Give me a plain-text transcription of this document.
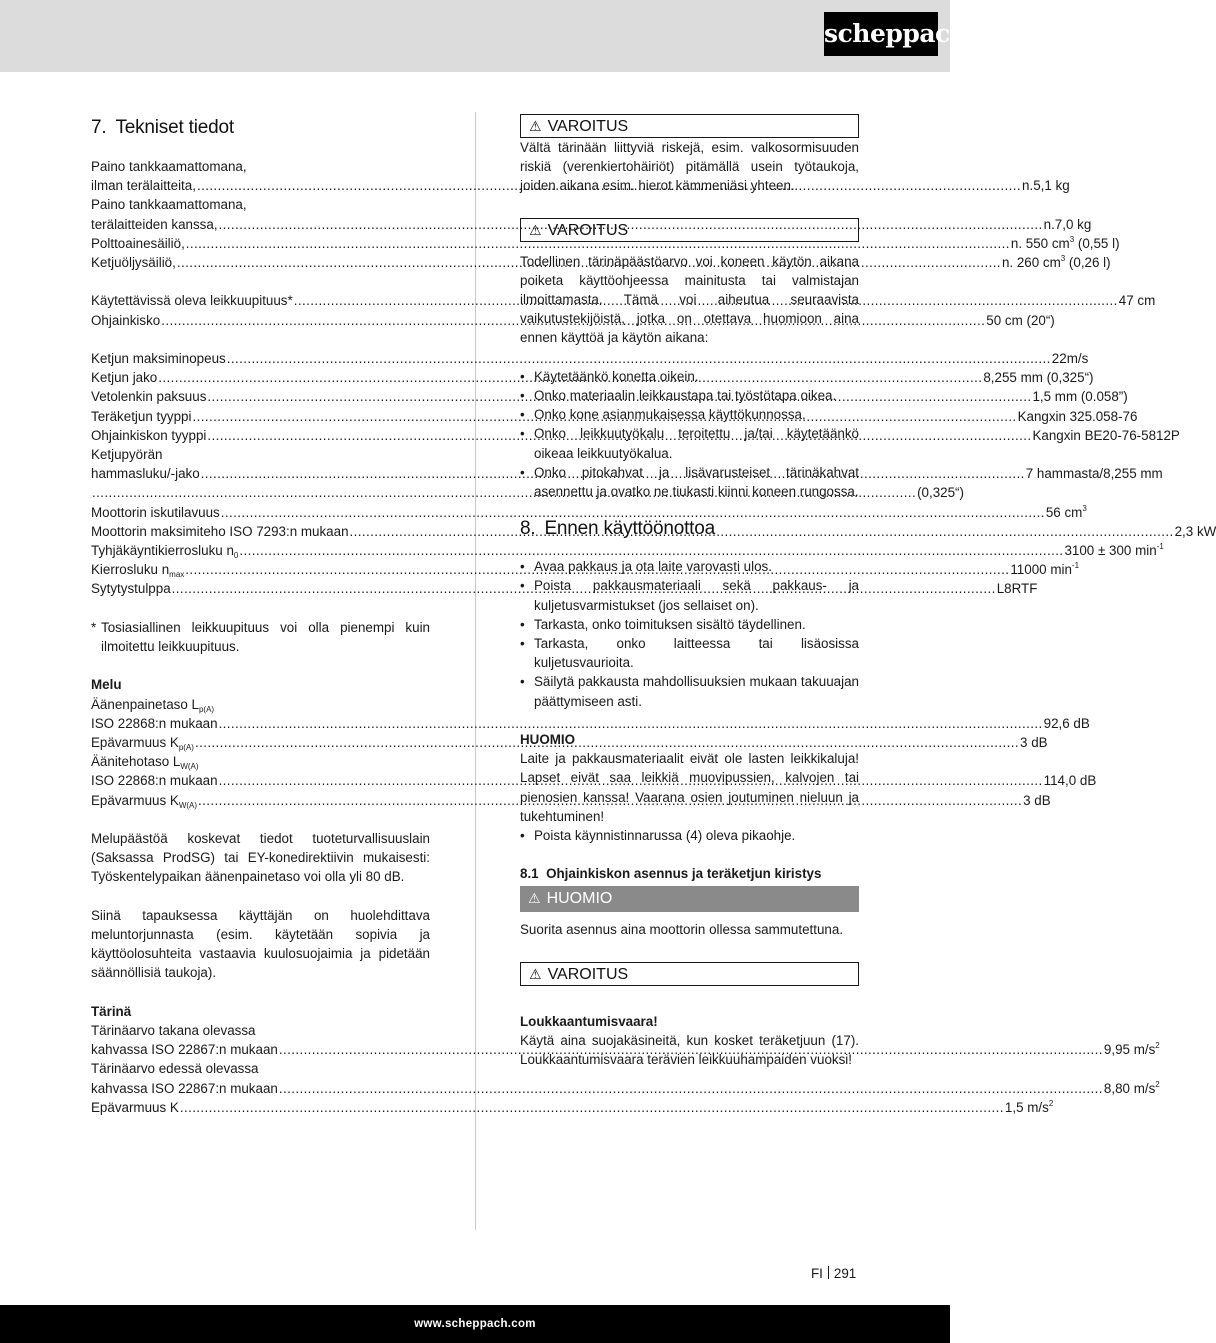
scheppach
7. Tekniset tiedot
Paino tankkaamattomana,
ilman terälaitteita, .....	n.5,1 kg
Paino tankkaamattomana,
terälaitteiden kanssa, .....	n.7,0 kg
Polttoainesäiliö, .....	n. 550 $cm^3$ (0,55 l)
Ketjuöljysäiliö, .....	n. 260 $cm^3$ (0,26 l)
Käytettävissä oleva leikkuupituus* .....	47 cm
Ohjainkisko .....	50 cm (20“)
Ketjun maksiminopeus .....	22m/s
Ketjun jako .....	8,255 mm (0,325“)
Vetolenkin paksuus .....	1,5 mm (0.058”)
Teräketjun tyyppi .....	Kangxin 325.058-76
Ohjainkiskon tyyppi .....	Kangxin BE20-76-5812P
Ketjupyörän
hammasluku/-jako .....	7 hammasta/8,255 mm
.....
(0,325“)
Moottorin iskutilavuus .....	56 $cm^3$
Moottorin maksimiteho ISO 7293:n mukaan .....	2,3 kW
Tyhjäkäyntikierrosluku $n_0$ .....	3100 ± 300 $\min^{-1}$
Kierrosluku $n_{max}$ .....	11000 $\min^{-1}$
Sytytystulppa .....	L8RTF
* Tosiasiallinen leikkuupituus voi olla pienempi kuin ilmoitettu leikkuupituus.
Melu
Äänenpainetaso $L_{p(A)}$
ISO 22868:n mukaan .....	92,6 dB
Epävarmuus $K_{p(A)}$ .....	3 dB
Äänitehotaso $L_{W(A)}$
ISO 22868:n mukaan .....	114,0 dB
Epävarmuus $K_{W(A)}$ .....	3 dB
Melupäästöä koskevat tiedot tuoteturvallisuuslain (Saksassa ProdSG) tai EY-konedirektiivin mukaisesti: Työskentelypaikan äänenpainetaso voi olla yli 80 dB.
Siinä tapauksessa käyttäjän on huolehdittava meluntorjunnasta (esim. käytetään sopivia ja käyttöolosuhteita vastaavia kuulosuojaimia ja pidetään säännöllisiä taukoja).
Tärinä
Tärinäarvo takana olevassa
kahvassa ISO 22867:n mukaan .....	9,95 $m/s^2$
Tärinäarvo edessä olevassa
kahvassa ISO 22867:n mukaan .....	8,80 $m/s^2$
Epävarmuus K .....	1,5 $m/s^2$
⚠ VAROITUS
Vältä tärinään liittyviä riskejä, esim. valkosormisuuden riskiä (verenkiertohäiriöt) pitämällä usein työtaukoja, joiden aikana esim. hierot kämmeniäsi yhteen.
⚠ VAROITUS
Todellinen tärinäpäästöarvo voi koneen käytön aikana poiketa käyttöohjeessa mainitusta tai valmistajan ilmoittamasta. Tämä voi aiheutua seuraavista vaikutustekijöistä, jotka on otettava huomioon aina ennen käyttöä ja käytön aikana:
• Käytetäänkö konetta oikein.
• Onko materiaalin leikkaustapa tai työstötapa oikea.
• Onko kone asianmukaisessa käyttökunnossa.
• Onko leikkuutyökalu teroitettu ja/tai käytetäänkö oikeaa leikkuutyökalua.
• Onko pitokahvat ja lisävarusteiset tärinäkahvat asennettu ja ovatko ne tiukasti kiinni koneen rungossa.
8. Ennen käyttöönottoa
• Avaa pakkaus ja ota laite varovasti ulos.
• Poista pakkausmateriaali sekä pakkaus- ja kuljetusvarmistukset (jos sellaiset on).
• Tarkasta, onko toimituksen sisältö täydellinen.
• Tarkasta, onko laitteessa tai lisäosissa kuljetusvaurioita.
• Säilytä pakkausta mahdollisuuksien mukaan takuuajan päättymiseen asti.
HUOMIO
Laite ja pakkausmateriaalit eivät ole lasten leikkikaluja! Lapset eivät saa leikkiä muovipussien, kalvojen tai pienosien kanssa! Vaarana osien joutuminen nieluun ja tukehtuminen!
• Poista käynnistinnarussa (4) oleva pikaohje.
8.1 Ohjainkiskon asennus ja teräketjun kiristys
⚠ HUOMIO
Suorita asennus aina moottorin ollessa sammutettuna.
⚠ VAROITUS
Loukkaantumisvaara!
Käytä aina suojakäsineitä, kun kosket teräketjuun (17). Loukkaantumisvaara terävien leikkuuhampaiden vuoksi!
FI 291
www.scheppach.com
